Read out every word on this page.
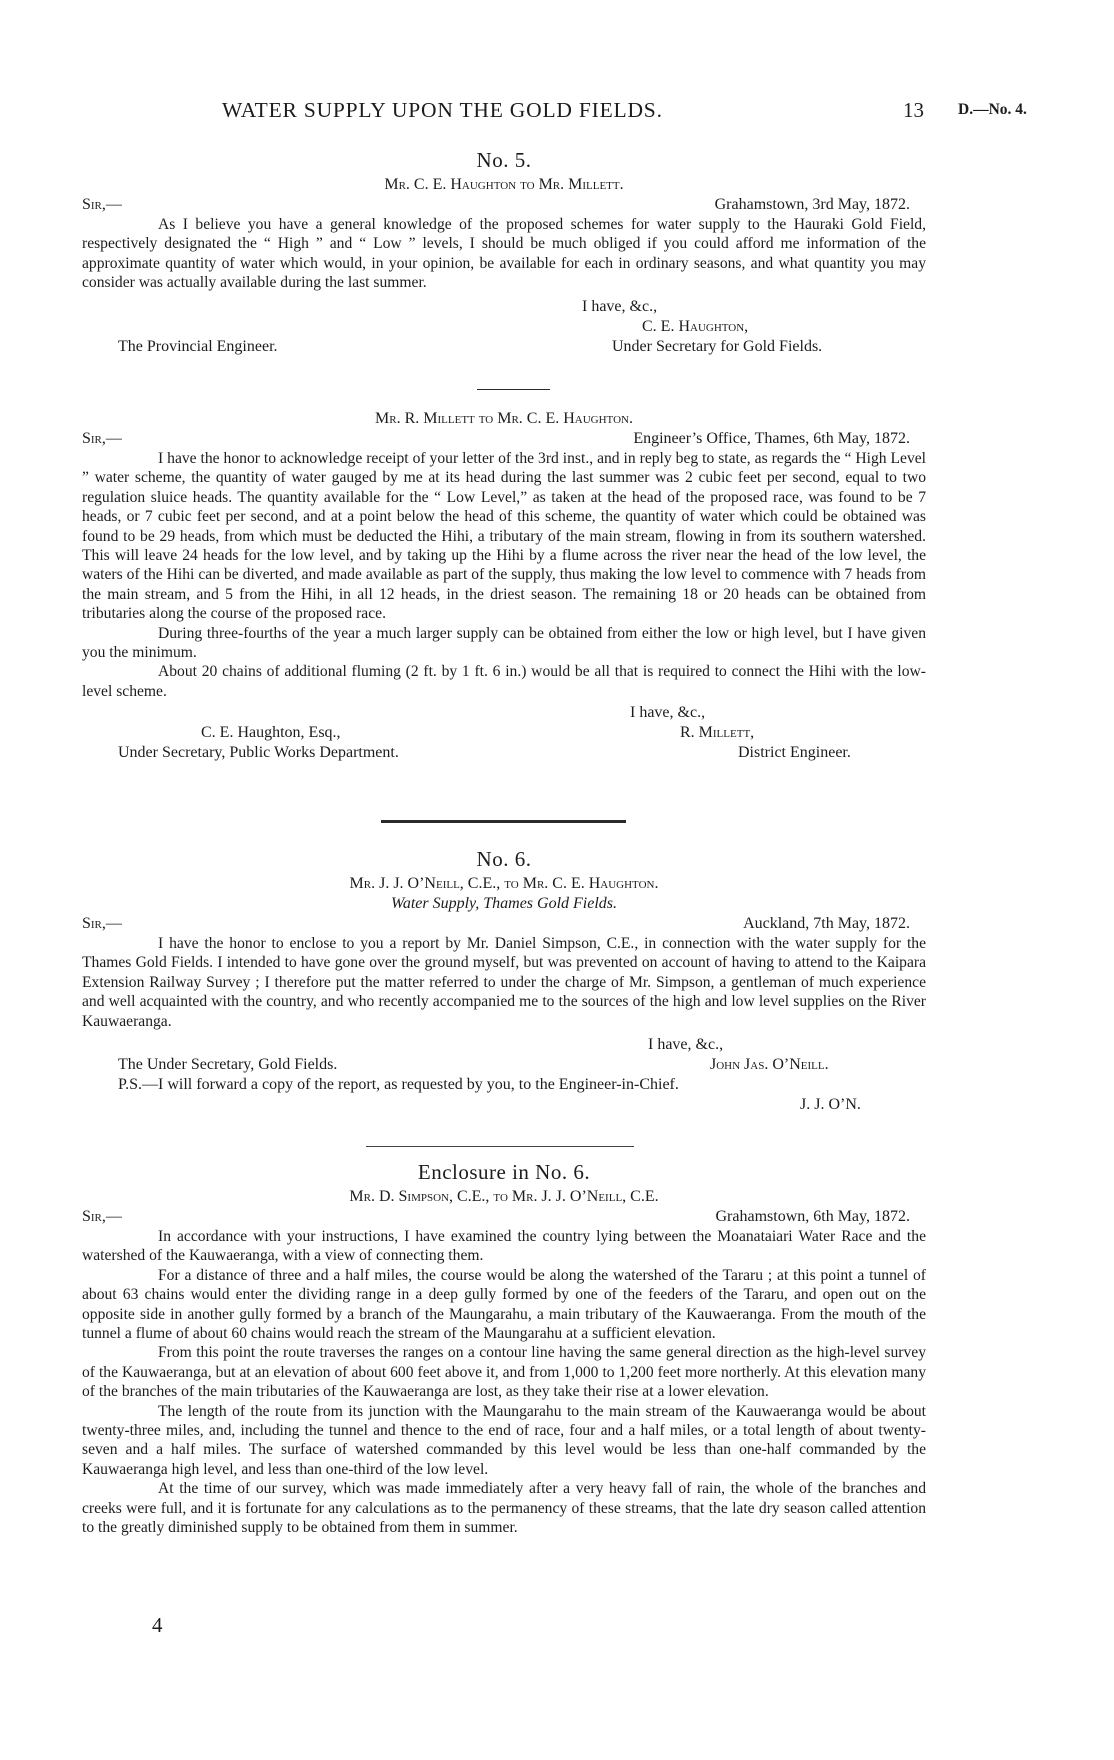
WATER SUPPLY UPON THE GOLD FIELDS.	13 D.—No. 4.
No. 5.
Mr. C. E. Haughton to Mr. Millett.
Sir,—	Grahamstown, 3rd May, 1872.

As I believe you have a general knowledge of the proposed schemes for water supply to the Hauraki Gold Field, respectively designated the “ High ” and “ Low ” levels, I should be much obliged if you could afford me information of the approximate quantity of water which would, in your opinion, be available for each in ordinary seasons, and what quantity you may consider was actually available during the last summer.

I have, &c.,
C. E. Haughton,
The Provincial Engineer.	Under Secretary for Gold Fields.
Mr. R. Millett to Mr. C. E. Haughton.
Sir,—	Engineer’s Office, Thames, 6th May, 1872.

I have the honor to acknowledge receipt of your letter of the 3rd inst., and in reply beg to state, as regards the “ High Level ” water scheme, the quantity of water gauged by me at its head during the last summer was 2 cubic feet per second, equal to two regulation sluice heads. The quantity available for the “ Low Level,” as taken at the head of the proposed race, was found to be 7 heads, or 7 cubic feet per second, and at a point below the head of this scheme, the quantity of water which could be obtained was found to be 29 heads, from which must be deducted the Hihi, a tributary of the main stream, flowing in from its southern watershed. This will leave 24 heads for the low level, and by taking up the Hihi by a flume across the river near the head of the low level, the waters of the Hihi can be diverted, and made available as part of the supply, thus making the low level to commence with 7 heads from the main stream, and 5 from the Hihi, in all 12 heads, in the driest season. The remaining 18 or 20 heads can be obtained from tributaries along the course of the proposed race.

During three-fourths of the year a much larger supply can be obtained from either the low or high level, but I have given you the minimum.

About 20 chains of additional fluming (2 ft. by 1 ft. 6 in.) would be all that is required to connect the Hihi with the low-level scheme.

I have, &c.,
C. E. Haughton, Esq.,	R. Millett,
Under Secretary, Public Works Department.	District Engineer.
No. 6.
Mr. J. J. O’Neill, C.E., to Mr. C. E. Haughton.
Water Supply, Thames Gold Fields.
Sir,—	Auckland, 7th May, 1872.

I have the honor to enclose to you a report by Mr. Daniel Simpson, C.E., in connection with the water supply for the Thames Gold Fields. I intended to have gone over the ground myself, but was prevented on account of having to attend to the Kaipara Extension Railway Survey ; I therefore put the matter referred to under the charge of Mr. Simpson, a gentleman of much experience and well acquainted with the country, and who recently accompanied me to the sources of the high and low level supplies on the River Kauwaeranga.

I have, &c.,
The Under Secretary, Gold Fields.	John Jas. O’Neill.
P.S.—I will forward a copy of the report, as requested by you, to the Engineer-in-Chief.
J. J. O’N.
Enclosure in No. 6.
Mr. D. Simpson, C.E., to Mr. J. J. O’Neill, C.E.
Sir,—	Grahamstown, 6th May, 1872.

In accordance with your instructions, I have examined the country lying between the Moanataiari Water Race and the watershed of the Kauwaeranga, with a view of connecting them.

For a distance of three and a half miles, the course would be along the watershed of the Tararu ; at this point a tunnel of about 63 chains would enter the dividing range in a deep gully formed by one of the feeders of the Tararu, and open out on the opposite side in another gully formed by a branch of the Maungarahu, a main tributary of the Kauwaeranga. From the mouth of the tunnel a flume of about 60 chains would reach the stream of the Maungarahu at a sufficient elevation.

From this point the route traverses the ranges on a contour line having the same general direction as the high-level survey of the Kauwaeranga, but at an elevation of about 600 feet above it, and from 1,000 to 1,200 feet more northerly. At this elevation many of the branches of the main tributaries of the Kauwaeranga are lost, as they take their rise at a lower elevation.

The length of the route from its junction with the Maungarahu to the main stream of the Kauwaeranga would be about twenty-three miles, and, including the tunnel and thence to the end of race, four and a half miles, or a total length of about twenty-seven and a half miles. The surface of watershed commanded by this level would be less than one-half commanded by the Kauwaeranga high level, and less than one-third of the low level.

At the time of our survey, which was made immediately after a very heavy fall of rain, the whole of the branches and creeks were full, and it is fortunate for any calculations as to the permanency of these streams, that the late dry season called attention to the greatly diminished supply to be obtained from them in summer.

4
